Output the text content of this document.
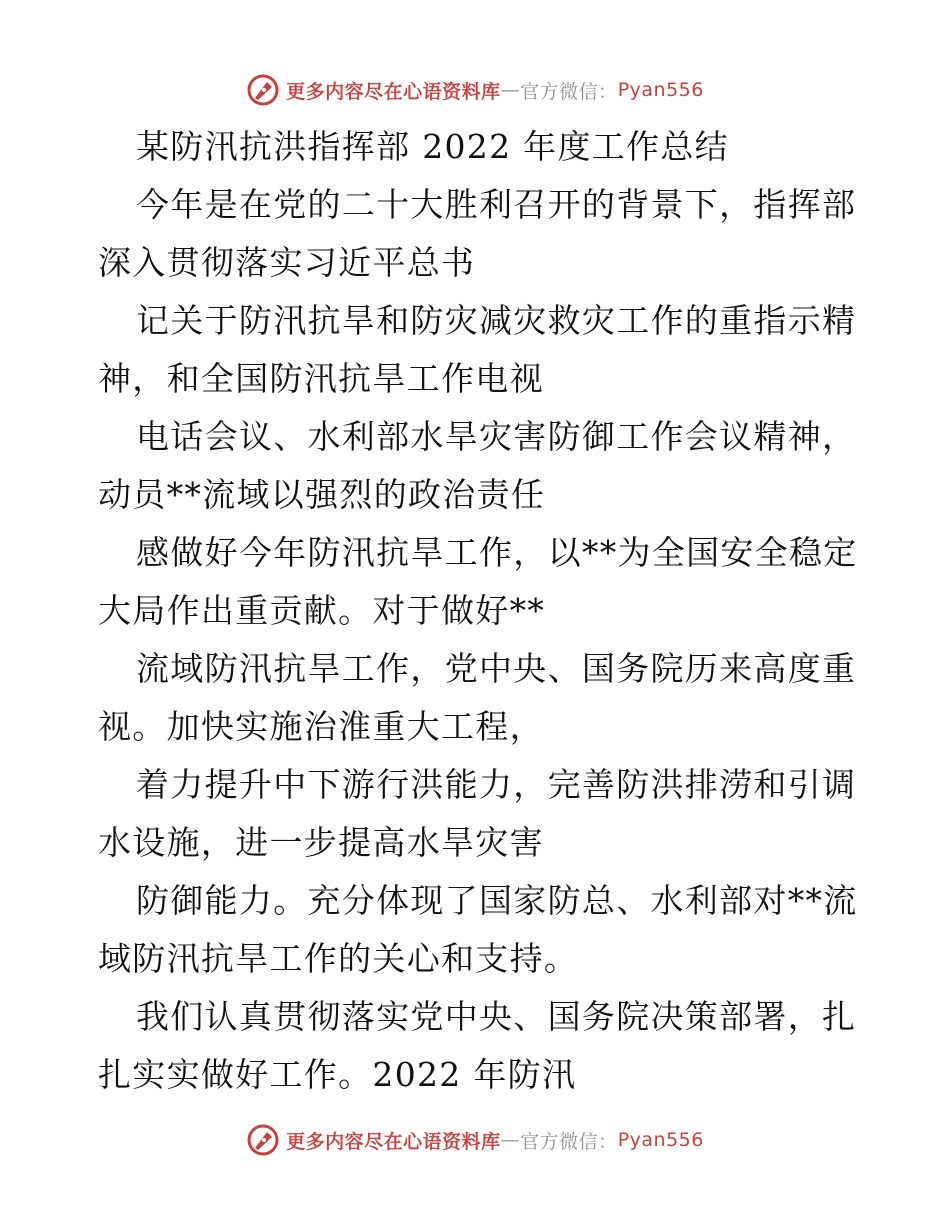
更多内容尽在心语资料库 — 官方微信： Pyan556
某防汛抗洪指挥部 2022 年度工作总结
今年是在党的二十大胜利召开的背景下，指挥部
深入贯彻落实习近平总书
记关于防汛抗旱和防灾减灾救灾工作的重指示精
神，和全国防汛抗旱工作电视
电话会议、水利部水旱灾害防御工作会议精神，
动员**流域以强烈的政治责任
感做好今年防汛抗旱工作，以**为全国安全稳定
大局作出重贡献。对于做好**
流域防汛抗旱工作，党中央、国务院历来高度重
视。加快实施治淮重大工程，
着力提升中下游行洪能力，完善防洪排涝和引调
水设施，进一步提高水旱灾害
防御能力。充分体现了国家防总、水利部对**流
域防汛抗旱工作的关心和支持。
我们认真贯彻落实党中央、国务院决策部署，扎
扎实实做好工作。2022 年防汛
更多内容尽在心语资料库 — 官方微信： Pyan556
